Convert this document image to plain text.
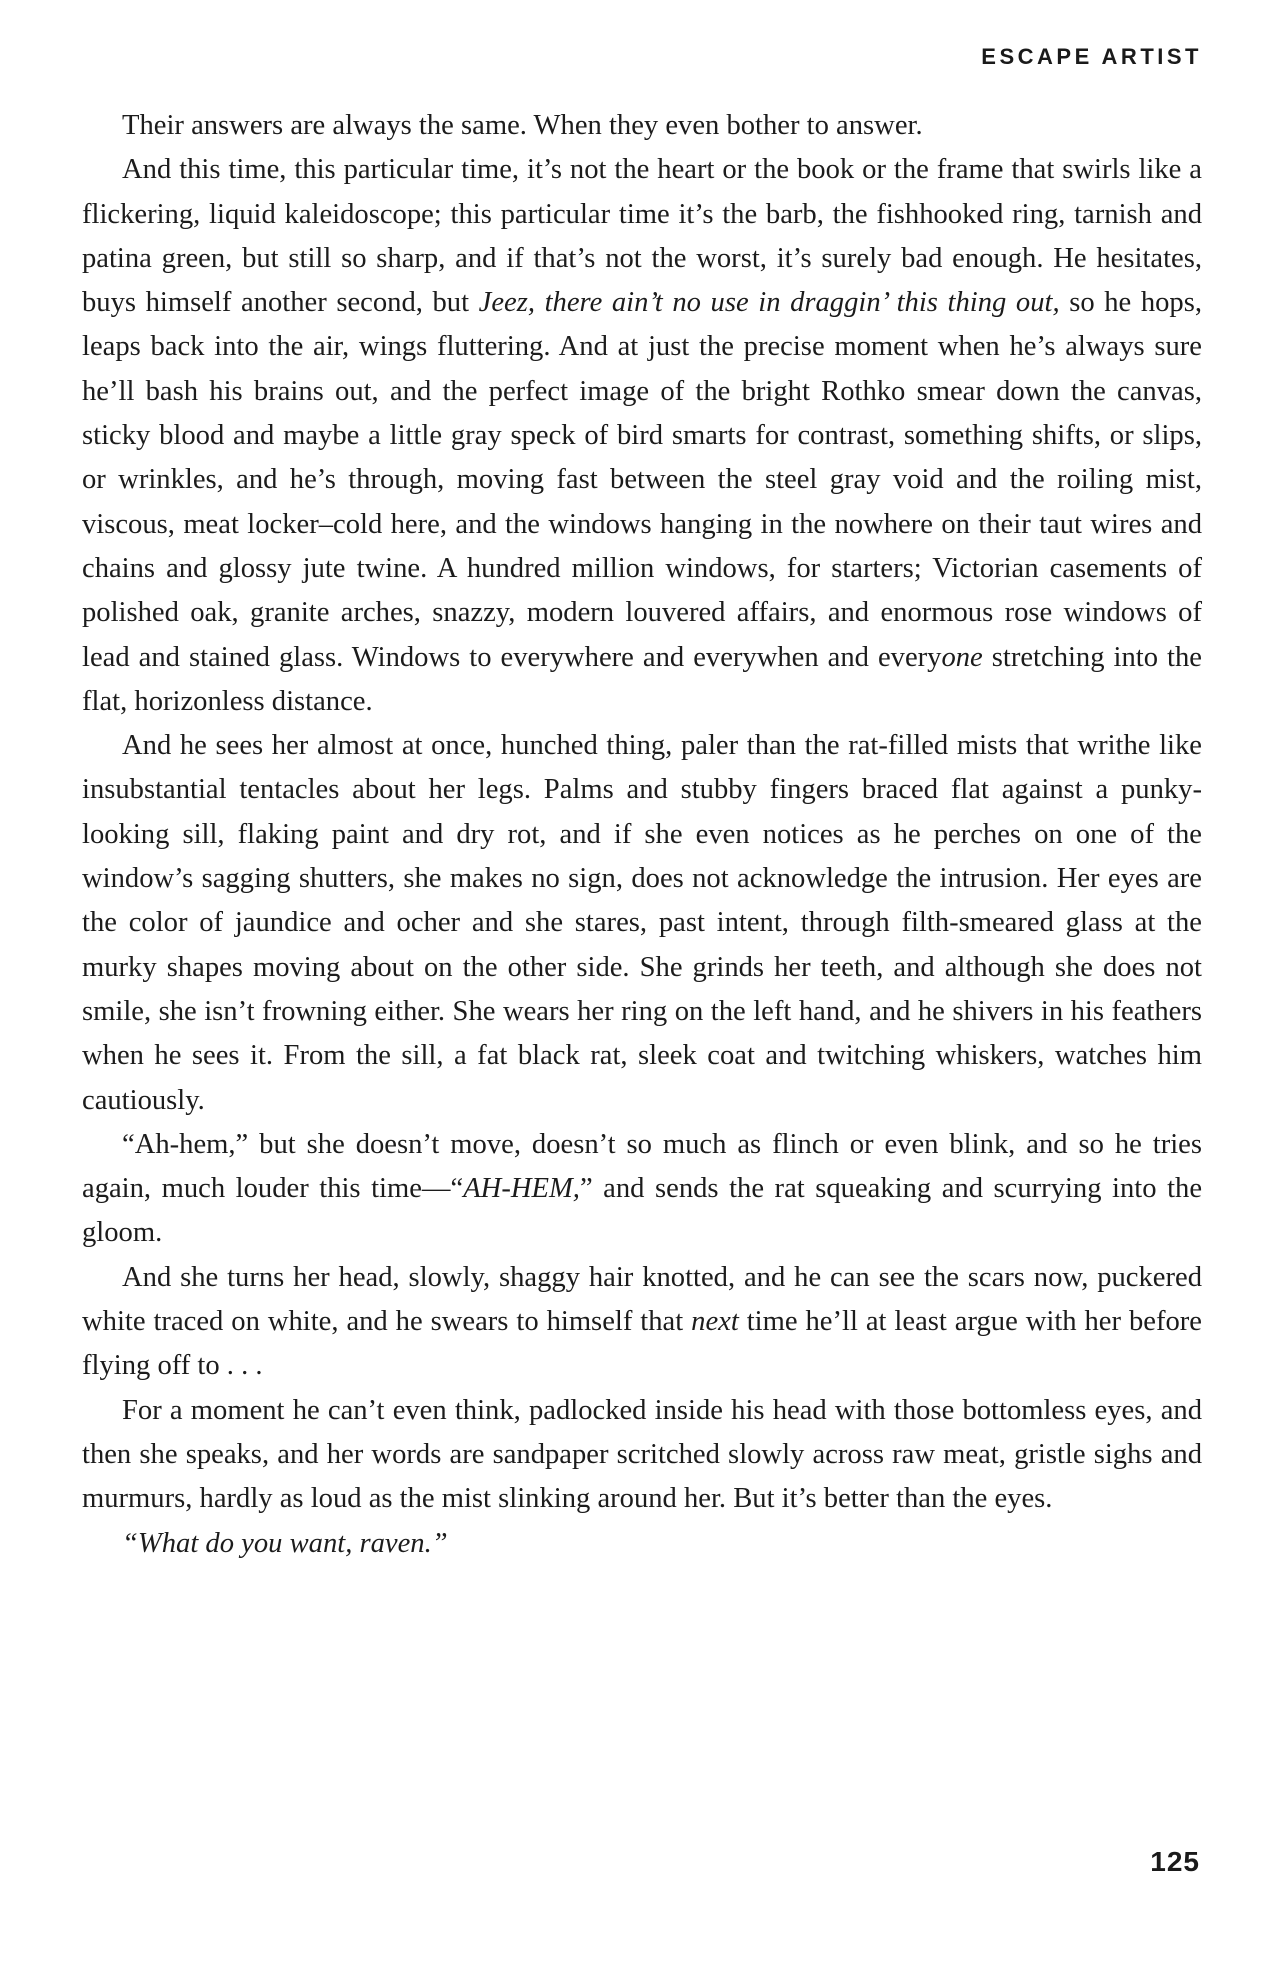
ESCAPE ARTIST

Their answers are always the same. When they even bother to answer.

And this time, this particular time, it’s not the heart or the book or the frame that swirls like a flickering, liquid kaleidoscope; this particular time it’s the barb, the fishhooked ring, tarnish and patina green, but still so sharp, and if that’s not the worst, it’s surely bad enough. He hesitates, buys himself another second, but Jeez, there ain’t no use in draggin’ this thing out, so he hops, leaps back into the air, wings fluttering. And at just the precise moment when he’s always sure he’ll bash his brains out, and the perfect image of the bright Rothko smear down the canvas, sticky blood and maybe a little gray speck of bird smarts for contrast, something shifts, or slips, or wrinkles, and he’s through, moving fast between the steel gray void and the roiling mist, viscous, meat locker–cold here, and the windows hanging in the nowhere on their taut wires and chains and glossy jute twine. A hundred million windows, for starters; Victorian casements of polished oak, granite arches, snazzy, modern louvered affairs, and enormous rose windows of lead and stained glass. Windows to everywhere and everywhen and everyone stretching into the flat, horizonless distance.

And he sees her almost at once, hunched thing, paler than the rat-filled mists that writhe like insubstantial tentacles about her legs. Palms and stubby fingers braced flat against a punky-looking sill, flaking paint and dry rot, and if she even notices as he perches on one of the window’s sagging shutters, she makes no sign, does not acknowledge the intrusion. Her eyes are the color of jaundice and ocher and she stares, past intent, through filth-smeared glass at the murky shapes moving about on the other side. She grinds her teeth, and although she does not smile, she isn’t frowning either. She wears her ring on the left hand, and he shivers in his feathers when he sees it. From the sill, a fat black rat, sleek coat and twitching whiskers, watches him cautiously.

“Ah-hem,” but she doesn’t move, doesn’t so much as flinch or even blink, and so he tries again, much louder this time—“AH-HEM,” and sends the rat squeaking and scurrying into the gloom.

And she turns her head, slowly, shaggy hair knotted, and he can see the scars now, puckered white traced on white, and he swears to himself that next time he’ll at least argue with her before flying off to . . .

For a moment he can’t even think, padlocked inside his head with those bottomless eyes, and then she speaks, and her words are sandpaper scritched slowly across raw meat, gristle sighs and murmurs, hardly as loud as the mist slinking around her. But it’s better than the eyes.

“What do you want, raven.”

125
